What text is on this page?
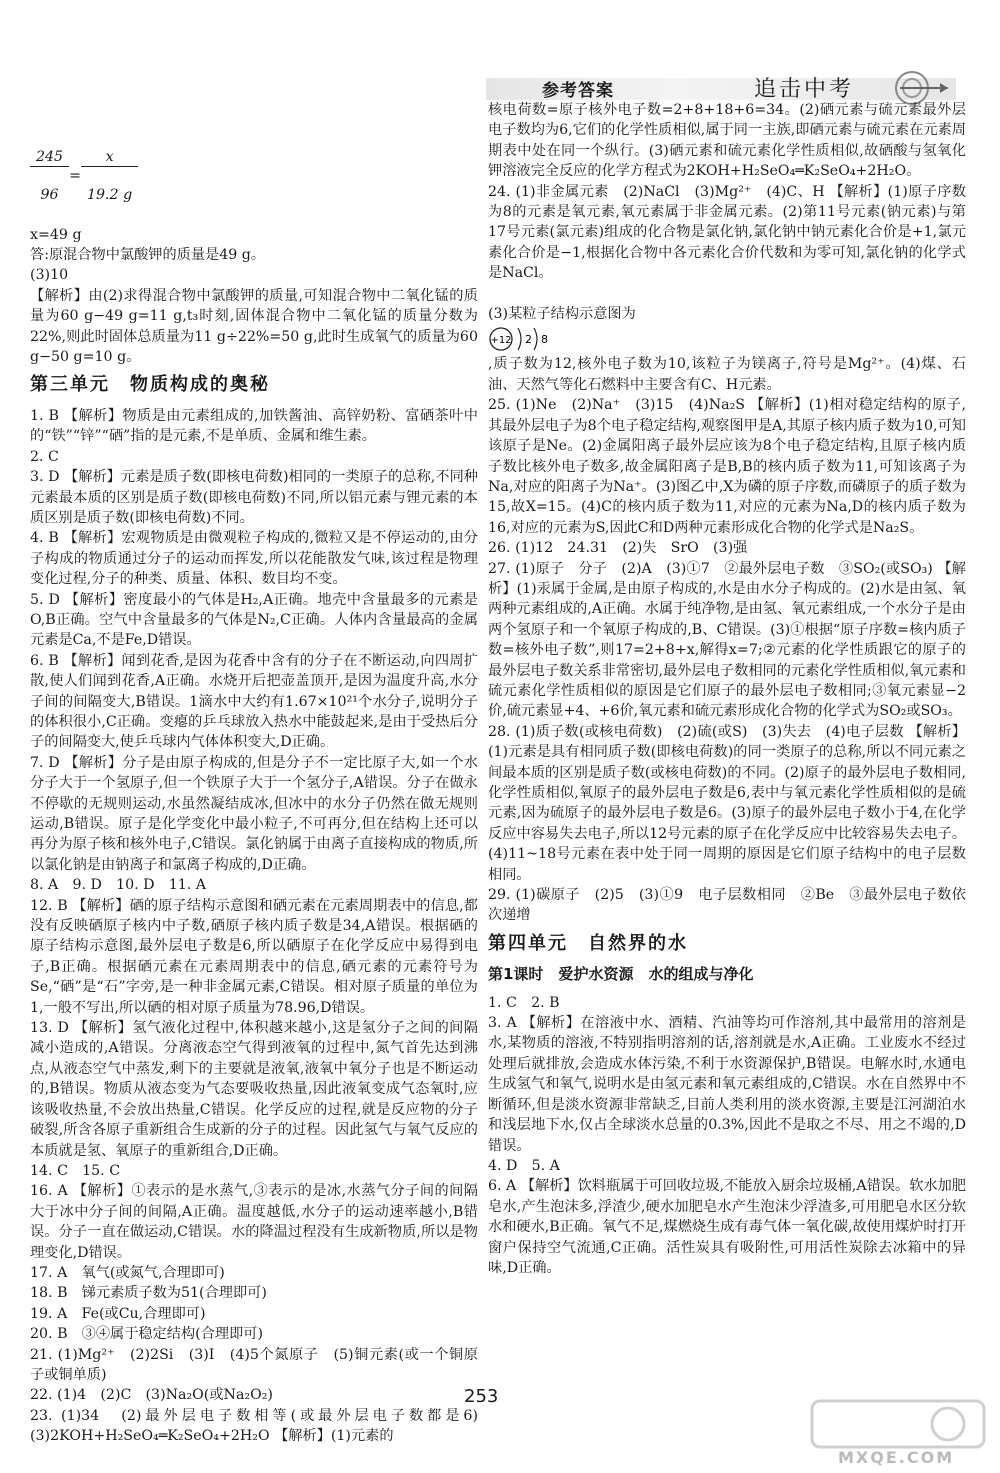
参考答案	追击中考

$\frac{245}{96} = \frac{x}{19.2 g}$

x=49 g

答:原混合物中氯酸钾的质量是49 g。

(3)10

【解析】由(2)求得混合物中氯酸钾的质量,可知混合物中二氧化锰的质量为60 g−49 g=11 g,t₃时刻,固体混合物中二氧化锰的质量分数为22%,则此时固体总质量为11 g÷22%=50 g,此时生成氧气的质量为60 g−50 g=10 g。

第三单元　物质构成的奥秘

1. B 【解析】物质是由元素组成的,加铁酱油、高锌奶粉、富硒茶叶中的“铁”“锌”“硒”指的是元素,不是单质、金属和维生素。

2. C

3. D 【解析】元素是质子数(即核电荷数)相同的一类原子的总称,不同种元素最本质的区别是质子数(即核电荷数)不同,所以铝元素与锂元素的本质区别是质子数(即核电荷数)不同。

4. B 【解析】宏观物质是由微观粒子构成的,微粒又是不停运动的,由分子构成的物质通过分子的运动而挥发,所以花能散发气味,该过程是物理变化过程,分子的种类、质量、体积、数目均不变。

5. D 【解析】密度最小的气体是H₂,A正确。地壳中含量最多的元素是O,B正确。空气中含量最多的气体是N₂,C正确。人体内含量最高的金属元素是Ca,不是Fe,D错误。

6. B 【解析】闻到花香,是因为花香中含有的分子在不断运动,向四周扩散,使人们闻到花香,A正确。水烧开后把壶盖顶开,是因为温度升高,水分子间的间隔变大,B错误。1滴水中大约有1.67×10²¹个水分子,说明分子的体积很小,C正确。变瘪的乒乓球放入热水中能鼓起来,是由于受热后分子的间隔变大,使乒乓球内气体体积变大,D正确。

7. D 【解析】分子是由原子构成的,但是分子不一定比原子大,如一个水分子大于一个氢原子,但一个铁原子大于一个氢分子,A错误。分子在做永不停歇的无规则运动,水虽然凝结成冰,但冰中的水分子仍然在做无规则运动,B错误。原子是化学变化中最小粒子,不可再分,但在结构上还可以再分为原子核和核外电子,C错误。氯化钠属于由离子直接构成的物质,所以氯化钠是由钠离子和氯离子构成的,D正确。

8. A　9. D　10. D　11. A

12. B 【解析】硒的原子结构示意图和硒元素在元素周期表中的信息,都没有反映硒原子核内中子数,硒原子核内质子数是34,A错误。根据硒的原子结构示意图,最外层电子数是6,所以硒原子在化学反应中易得到电子,B正确。根据硒元素在元素周期表中的信息,硒元素的元素符号为Se,“硒”是“石”字旁,是一种非金属元素,C错误。相对原子质量的单位为1,一般不写出,所以硒的相对原子质量为78.96,D错误。

13. D 【解析】氢气液化过程中,体积越来越小,这是氢分子之间的间隔减小造成的,A错误。分离液态空气得到液氧的过程中,氮气首先达到沸点,从液态空气中蒸发,剩下的主要就是液氧,液氧中氧分子也是不断运动的,B错误。物质从液态变为气态要吸收热量,因此液氧变成气态氧时,应该吸收热量,不会放出热量,C错误。化学反应的过程,就是反应物的分子破裂,所含各原子重新组合生成新的分子的过程。因此氢气与氧气反应的本质就是氢、氧原子的重新组合,D正确。

14. C　15. C

16. A 【解析】①表示的是水蒸气,③表示的是冰,水蒸气分子间的间隔大于冰中分子间的间隔,A正确。温度越低,水分子的运动速率越小,B错误。分子一直在做运动,C错误。水的降温过程没有生成新物质,所以是物理变化,D错误。

17. A　氧气(或氮气,合理即可)

18. B　锑元素质子数为51(合理即可)

19. A　Fe(或Cu,合理即可)

20. B　③④属于稳定结构(合理即可)

21. (1)Mg²⁺　(2)2Si　(3)I　(4)5个氮原子　(5)铜元素(或一个铜原子或铜单质)

22. (1)4　(2)C　(3)Na₂O(或Na₂O₂)

23. (1)34　(2)最外层电子数相等(或最外层电子数都是6)　(3)2KOH+H₂SeO₄═K₂SeO₄+2H₂O 【解析】(1)元素的

核电荷数=原子核外电子数=2+8+18+6=34。(2)硒元素与硫元素最外层电子数均为6,它们的化学性质相似,属于同一主族,即硒元素与硫元素在元素周期表中处在同一个纵行。(3)硒元素和硫元素化学性质相似,故硒酸与氢氧化钾溶液完全反应的化学方程式为2KOH+H₂SeO₄═K₂SeO₄+2H₂O。

24. (1)非金属元素　(2)NaCl　(3)Mg²⁺　(4)C、H 【解析】(1)原子序数为8的元素是氧元素,氧元素属于非金属元素。(2)第11号元素(钠元素)与第17号元素(氯元素)组成的化合物是氯化钠,氯化钠中钠元素化合价是+1,氯元素化合价是−1,根据化合物中各元素化合价代数和为零可知,氯化钠的化学式是NaCl。

(3)某粒子结构示意图为

+12 2 8

,质子数为12,核外电子数为10,该粒子为镁离子,符号是Mg²⁺。(4)煤、石油、天然气等化石燃料中主要含有C、H元素。

25. (1)Ne　(2)Na⁺　(3)15　(4)Na₂S 【解析】(1)相对稳定结构的原子,其最外层电子为8个电子稳定结构,观察图甲是A,其原子核内质子数为10,可知该原子是Ne。(2)金属阳离子最外层应该为8个电子稳定结构,且原子核内质子数比核外电子数多,故金属阳离子是B,B的核内质子数为11,可知该离子为Na,对应的阳离子为Na⁺。(3)图乙中,X为磷的原子序数,而磷原子的质子数为15,故X=15。(4)C的核内质子数为11,对应的元素为Na,D的核内质子数为16,对应的元素为S,因此C和D两种元素形成化合物的化学式是Na₂S。

26. (1)12　24.31　(2)失　SrO　(3)强

27. (1)原子　分子　(2)A　(3)①7　②最外层电子数　③SO₂(或SO₃) 【解析】(1)汞属于金属,是由原子构成的,水是由水分子构成的。(2)水是由氢、氧两种元素组成的,A正确。水属于纯净物,是由氢、氧元素组成,一个水分子是由两个氢原子和一个氧原子构成的,B、C错误。(3)①根据“原子序数=核内质子数=核外电子数”,则17=2+8+x,解得x=7;②元素的化学性质跟它的原子的最外层电子数关系非常密切,最外层电子数相同的元素化学性质相似,氧元素和硫元素化学性质相似的原因是它们原子的最外层电子数相同;③氧元素显−2价,硫元素显+4、+6价,氧元素和硫元素形成化合物的化学式为SO₂或SO₃。

28. (1)质子数(或核电荷数)　(2)硫(或S)　(3)失去　(4)电子层数 【解析】(1)元素是具有相同质子数(即核电荷数)的同一类原子的总称,所以不同元素之间最本质的区别是质子数(或核电荷数)的不同。(2)原子的最外层电子数相同,化学性质相似,氧原子的最外层电子数是6,表中与氧元素化学性质相似的是硫元素,因为硫原子的最外层电子数是6。(3)原子的最外层电子数小于4,在化学反应中容易失去电子,所以12号元素的原子在化学反应中比较容易失去电子。(4)11~18号元素在表中处于同一周期的原因是它们原子结构中的电子层数相同。

29. (1)碳原子　(2)5　(3)①9　电子层数相同　②Be　③最外层电子数依次递增

第四单元　自然界的水

第1课时　爱护水资源　水的组成与净化

1. C　2. B

3. A 【解析】在溶液中水、酒精、汽油等均可作溶剂,其中最常用的溶剂是水,某物质的溶液,不特别指明溶剂的话,溶剂就是水,A正确。工业废水不经过处理后就排放,会造成水体污染,不利于水资源保护,B错误。电解水时,水通电生成氢气和氧气,说明水是由氢元素和氧元素组成的,C错误。水在自然界中不断循环,但是淡水资源非常缺乏,目前人类利用的淡水资源,主要是江河湖泊水和浅层地下水,仅占全球淡水总量的0.3%,因此不是取之不尽、用之不竭的,D错误。

4. D　5. A

6. A 【解析】饮料瓶属于可回收垃圾,不能放入厨余垃圾桶,A错误。软水加肥皂水,产生泡沫多,浮渣少,硬水加肥皂水产生泡沫少浮渣多,可用肥皂水区分软水和硬水,B正确。氧气不足,煤燃烧生成有毒气体一氧化碳,故使用煤炉时打开窗户保持空气流通,C正确。活性炭具有吸附性,可用活性炭除去冰箱中的异味,D正确。

253
MXQE.COM
